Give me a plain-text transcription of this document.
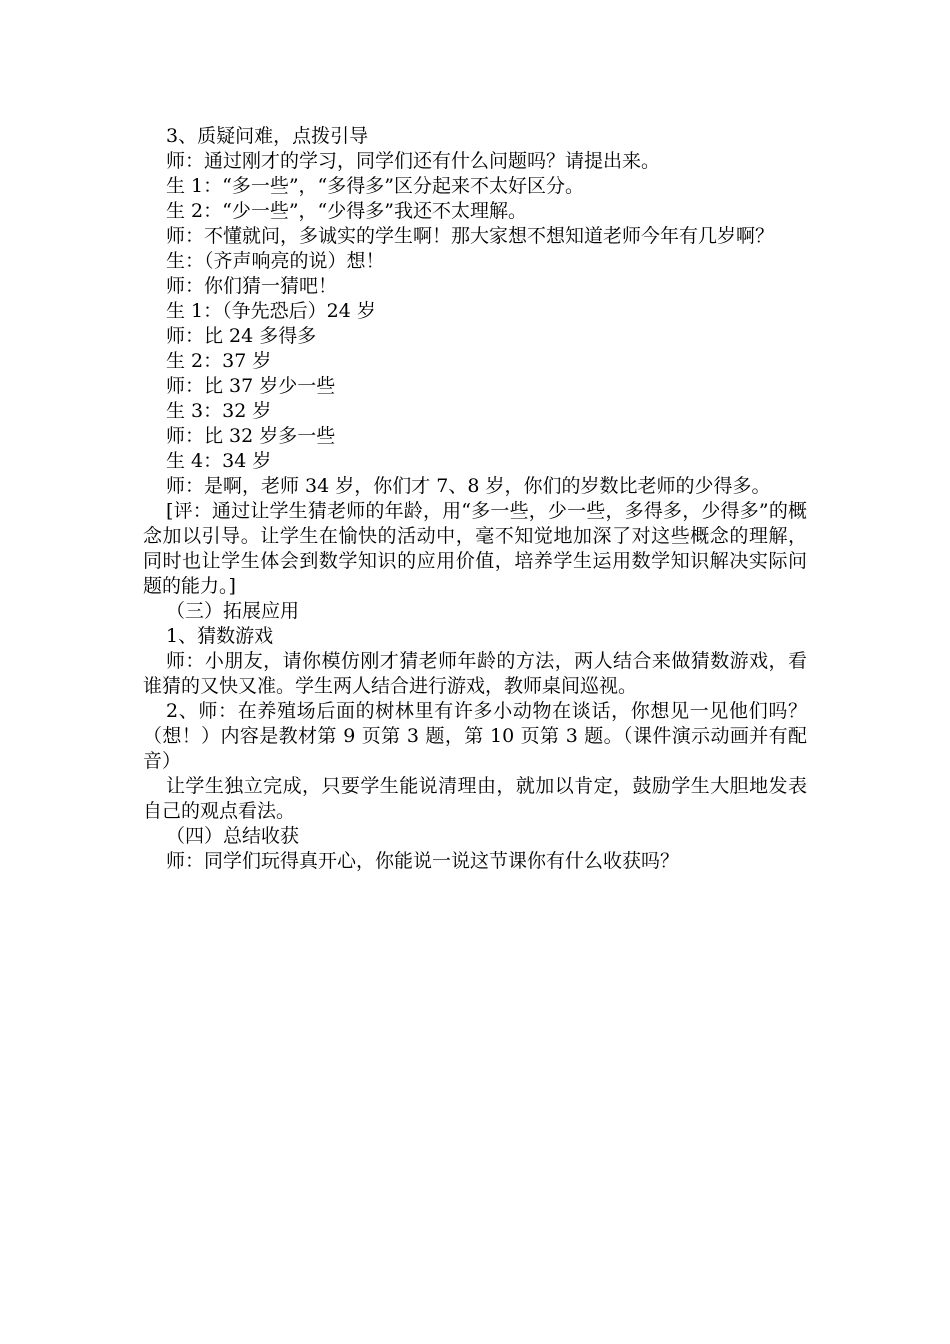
3、质疑问难，点拨引导

师：通过刚才的学习，同学们还有什么问题吗？请提出来。

生 1：“多一些”，“多得多”区分起来不太好区分。

生 2：“少一些”，“少得多”我还不太理解。

师：不懂就问，多诚实的学生啊！那大家想不想知道老师今年有几岁啊？

生：（齐声响亮的说）想！

师：你们猜一猜吧！

生 1：（争先恐后）24 岁

师：比 24 多得多

生 2：37 岁

师：比 37 岁少一些

生 3：32 岁

师：比 32 岁多一些

生 4：34 岁

师：是啊，老师 34 岁，你们才 7、8 岁，你们的岁数比老师的少得多。

[评：通过让学生猜老师的年龄，用“多一些，少一些，多得多，少得多”的概念加以引导。让学生在愉快的活动中，毫不知觉地加深了对这些概念的理解，同时也让学生体会到数学知识的应用价值，培养学生运用数学知识解决实际问题的能力。]

（三）拓展应用

1、猜数游戏

师：小朋友，请你模仿刚才猜老师年龄的方法，两人结合来做猜数游戏，看谁猜的又快又准。学生两人结合进行游戏，教师桌间巡视。

2、师：在养殖场后面的树林里有许多小动物在谈话，你想见一见他们吗？（想！）内容是教材第 9 页第 3 题，第 10 页第 3 题。（课件演示动画并有配音）

让学生独立完成，只要学生能说清理由，就加以肯定，鼓励学生大胆地发表自己的观点看法。

（四）总结收获

师：同学们玩得真开心，你能说一说这节课你有什么收获吗？
